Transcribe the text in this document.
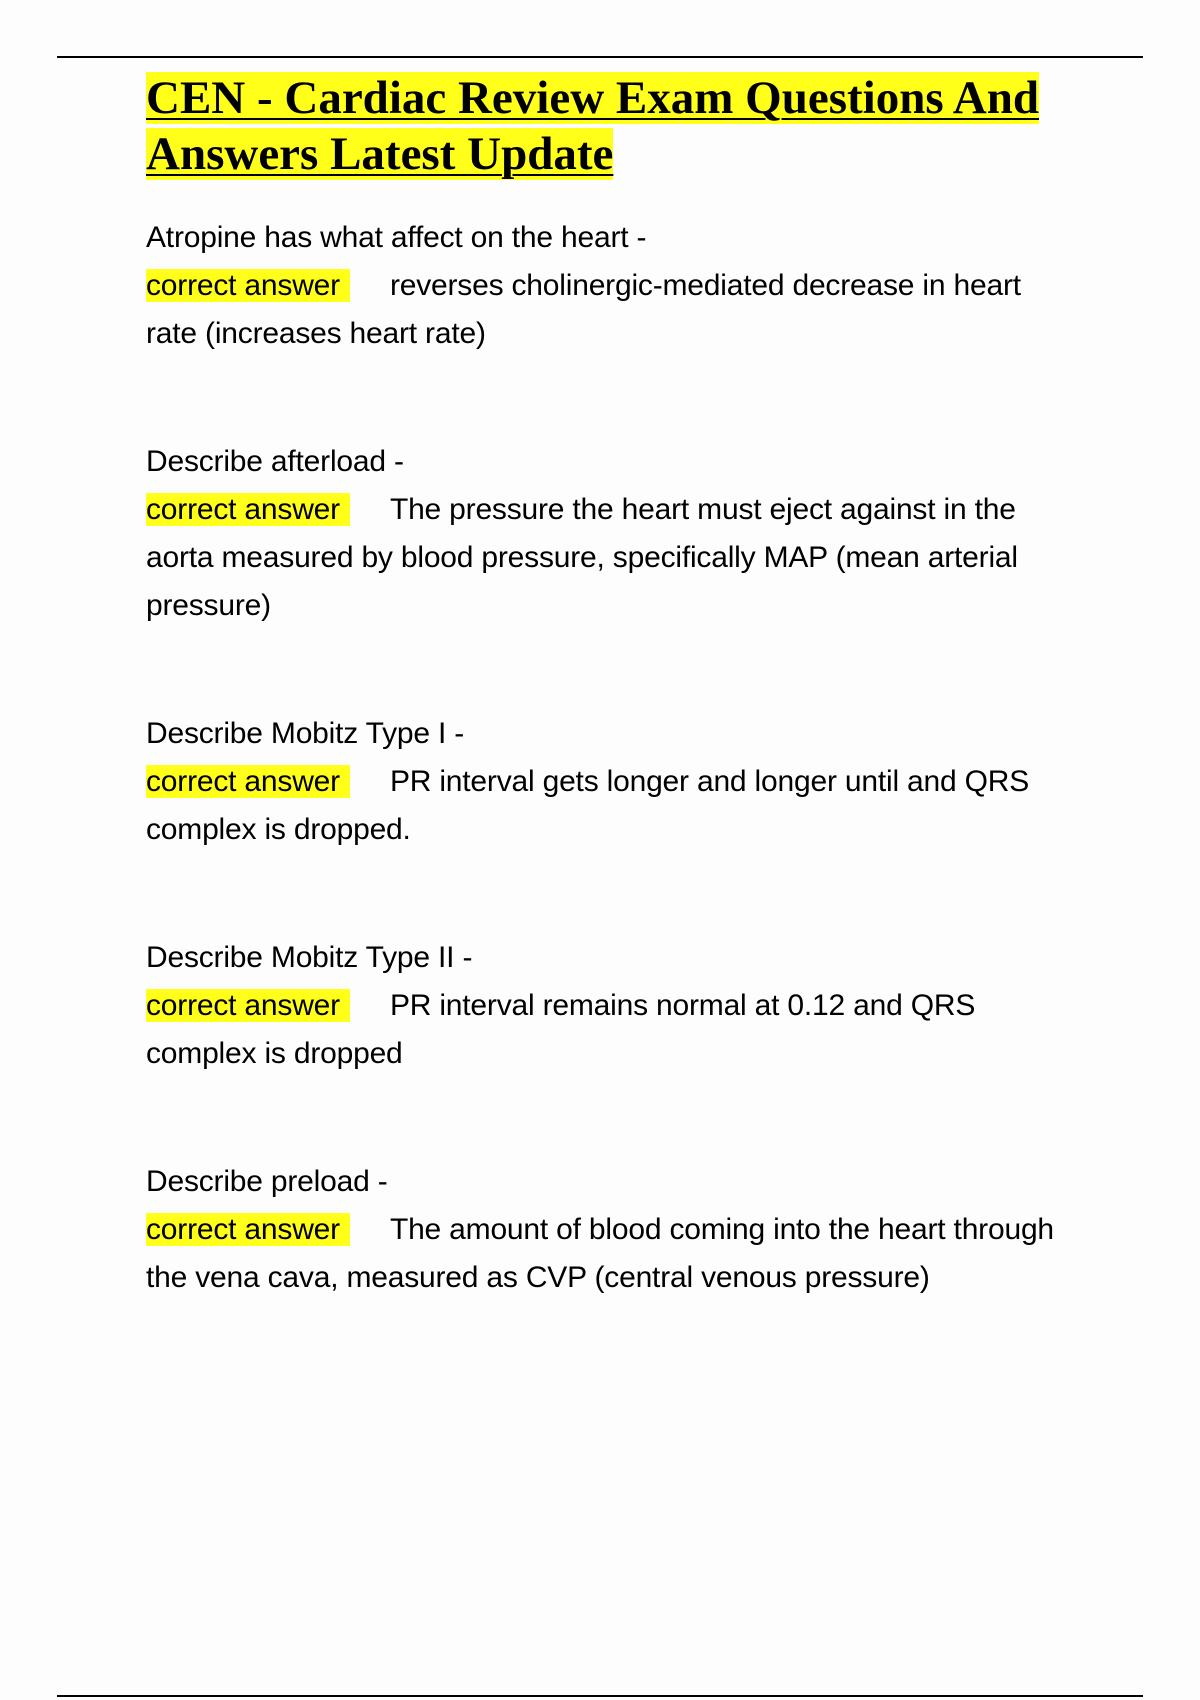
CEN - Cardiac Review Exam Questions And Answers Latest Update

Atropine has what affect on the heart -

correct answer reverses cholinergic-mediated decrease in heart rate (increases heart rate)

Describe afterload -

correct answer The pressure the heart must eject against in the aorta measured by blood pressure, specifically MAP (mean arterial pressure)

Describe Mobitz Type I -

correct answer PR interval gets longer and longer until and QRS complex is dropped.

Describe Mobitz Type II -

correct answer PR interval remains normal at 0.12 and QRS complex is dropped

Describe preload -

correct answer The amount of blood coming into the heart through the vena cava, measured as CVP (central venous pressure)
